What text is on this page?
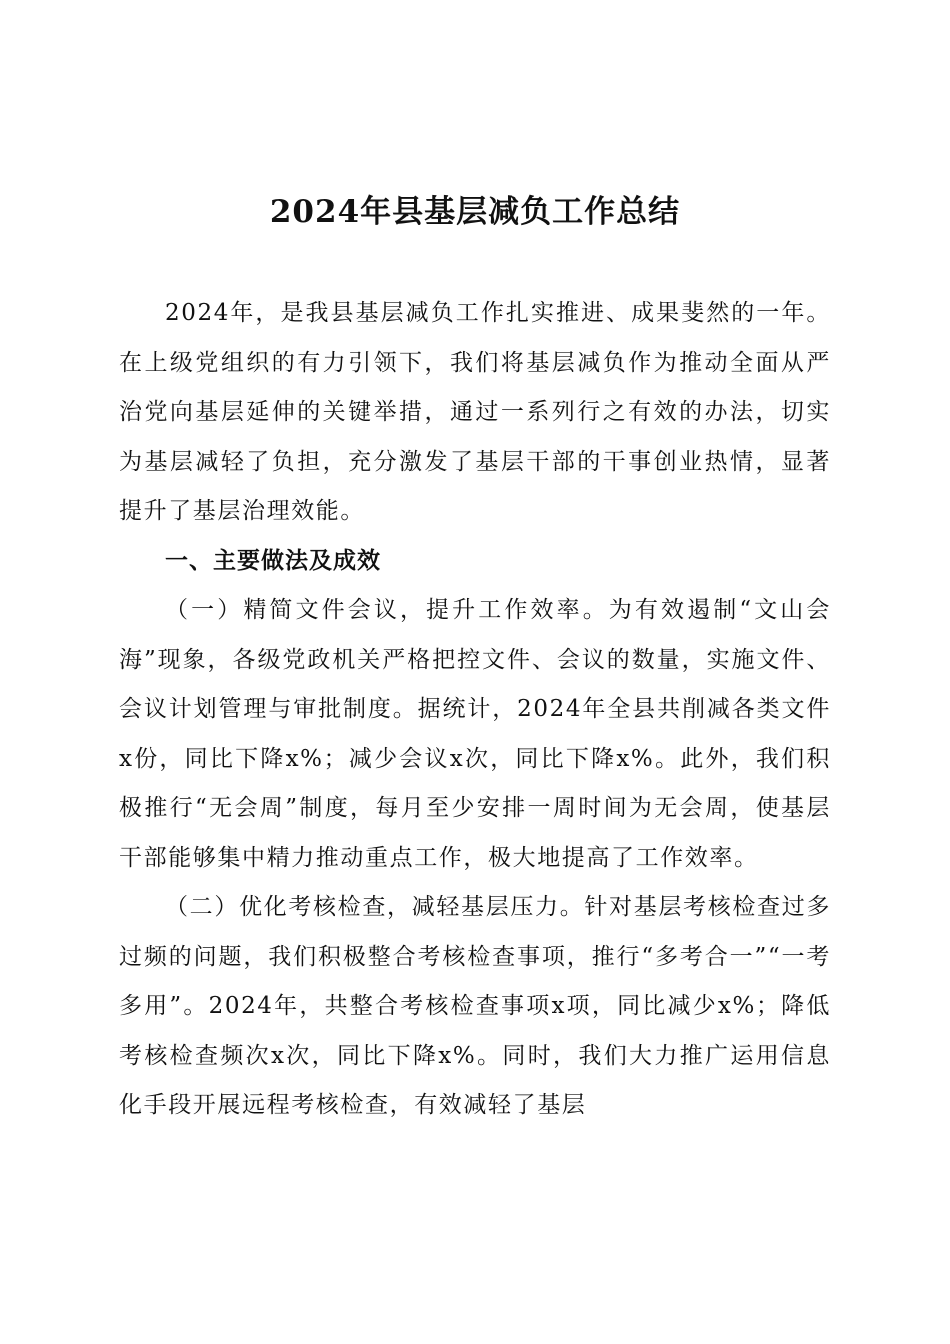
2024年县基层减负工作总结

2024年，是我县基层减负工作扎实推进、成果斐然的一年。在上级党组织的有力引领下，我们将基层减负作为推动全面从严治党向基层延伸的关键举措，通过一系列行之有效的办法，切实为基层减轻了负担，充分激发了基层干部的干事创业热情，显著提升了基层治理效能。

一、主要做法及成效

（一）精简文件会议，提升工作效率。为有效遏制“文山会海”现象，各级党政机关严格把控文件、会议的数量，实施文件、会议计划管理与审批制度。据统计，2024年全县共削减各类文件x份，同比下降x%；减少会议x次，同比下降x%。此外，我们积极推行“无会周”制度，每月至少安排一周时间为无会周，使基层干部能够集中精力推动重点工作，极大地提高了工作效率。

（二）优化考核检查，减轻基层压力。针对基层考核检查过多过频的问题，我们积极整合考核检查事项，推行“多考合一”“一考多用”。2024年，共整合考核检查事项x项，同比减少x%；降低考核检查频次x次，同比下降x%。同时，我们大力推广运用信息化手段开展远程考核检查，有效减轻了基层
